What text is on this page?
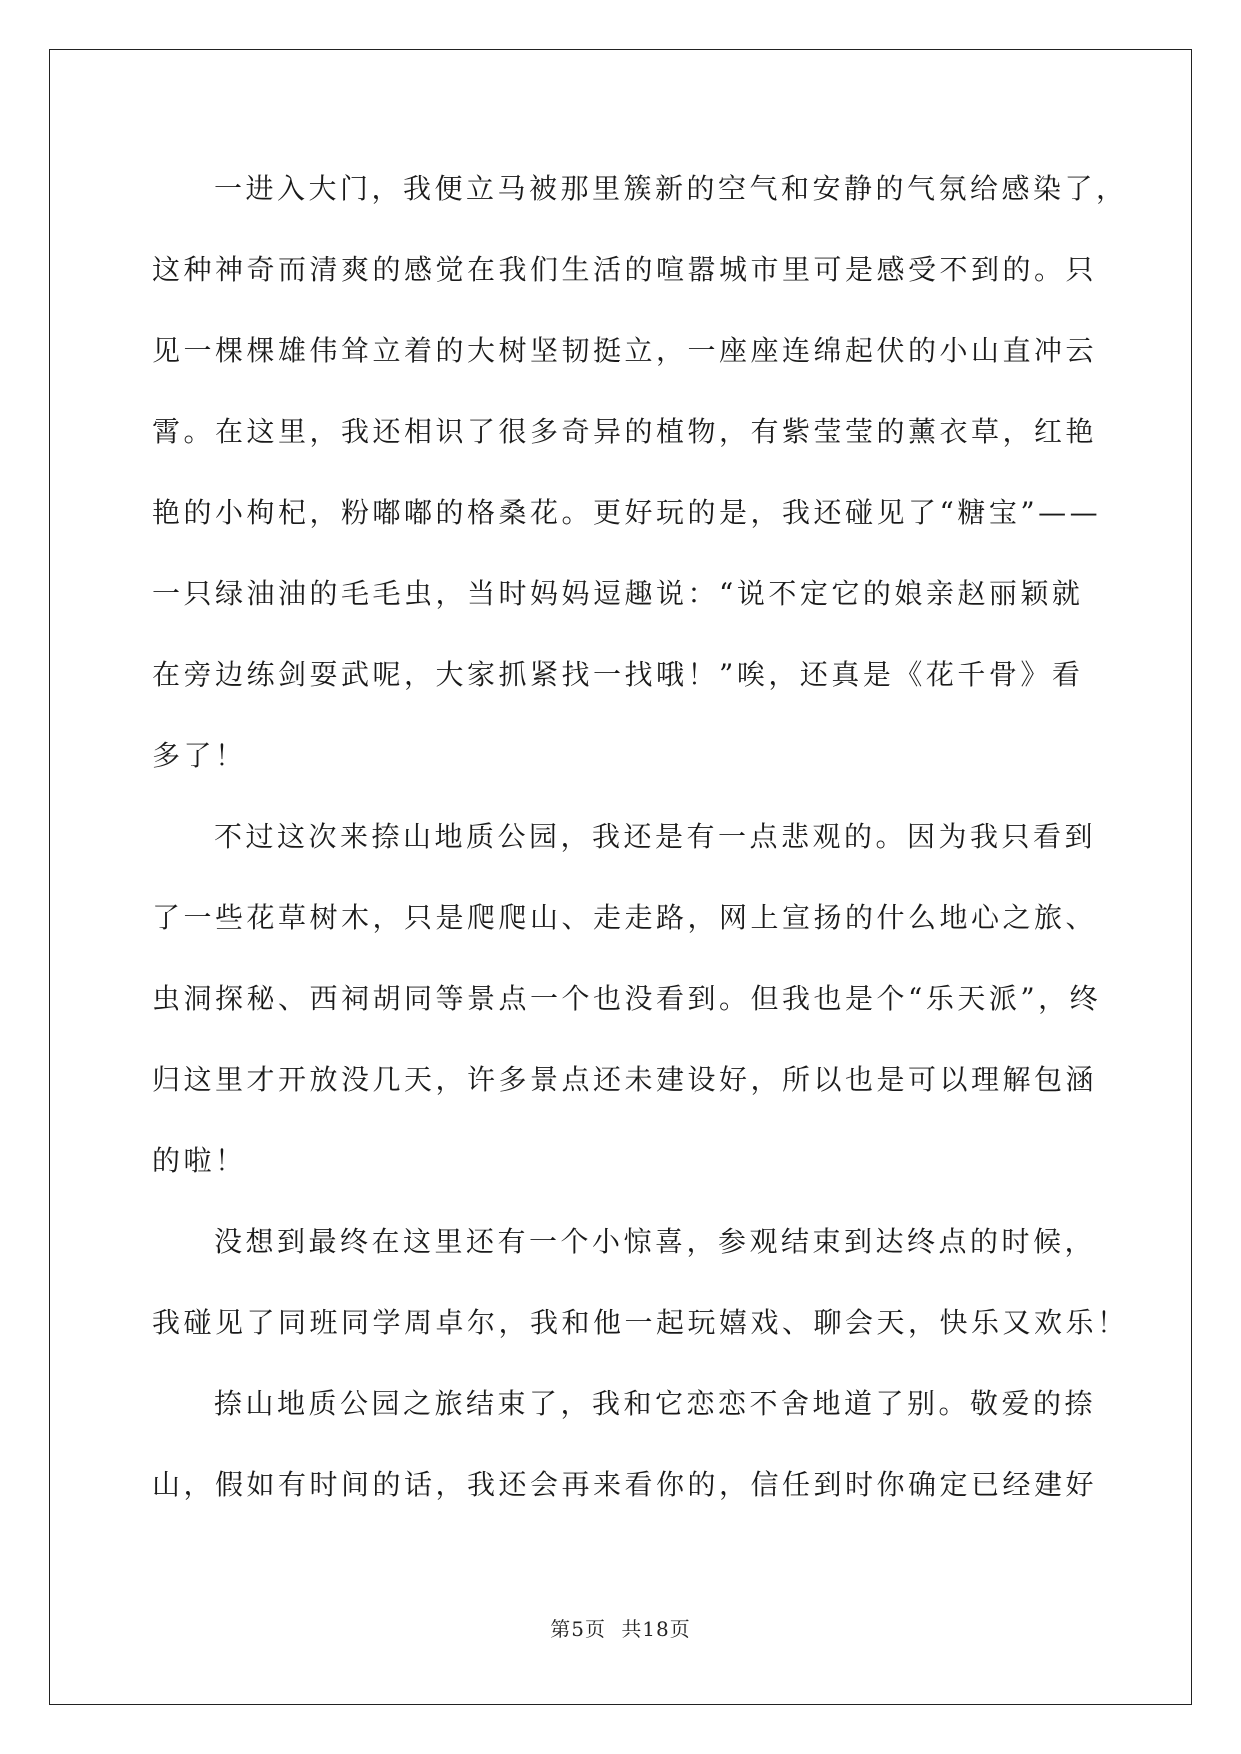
一进入大门，我便立马被那里簇新的空气和安静的气氛给感染了，
这种神奇而清爽的感觉在我们生活的喧嚣城市里可是感受不到的。只
见一棵棵雄伟耸立着的大树坚韧挺立，一座座连绵起伏的小山直冲云
霄。在这里，我还相识了很多奇异的植物，有紫莹莹的薰衣草，红艳
艳的小枸杞，粉嘟嘟的格桑花。更好玩的是，我还碰见了“糖宝”——
一只绿油油的毛毛虫，当时妈妈逗趣说：“说不定它的娘亲赵丽颖就
在旁边练剑耍武呢，大家抓紧找一找哦！”唉，还真是《花千骨》看
多了！
不过这次来捺山地质公园，我还是有一点悲观的。因为我只看到
了一些花草树木，只是爬爬山、走走路，网上宣扬的什么地心之旅、
虫洞探秘、西祠胡同等景点一个也没看到。但我也是个“乐天派”，终
归这里才开放没几天，许多景点还未建设好，所以也是可以理解包涵
的啦！
没想到最终在这里还有一个小惊喜，参观结束到达终点的时候，
我碰见了同班同学周卓尔，我和他一起玩嬉戏、聊会天，快乐又欢乐！
捺山地质公园之旅结束了，我和它恋恋不舍地道了别。敬爱的捺
山，假如有时间的话，我还会再来看你的，信任到时你确定已经建好
第5页 共18页
